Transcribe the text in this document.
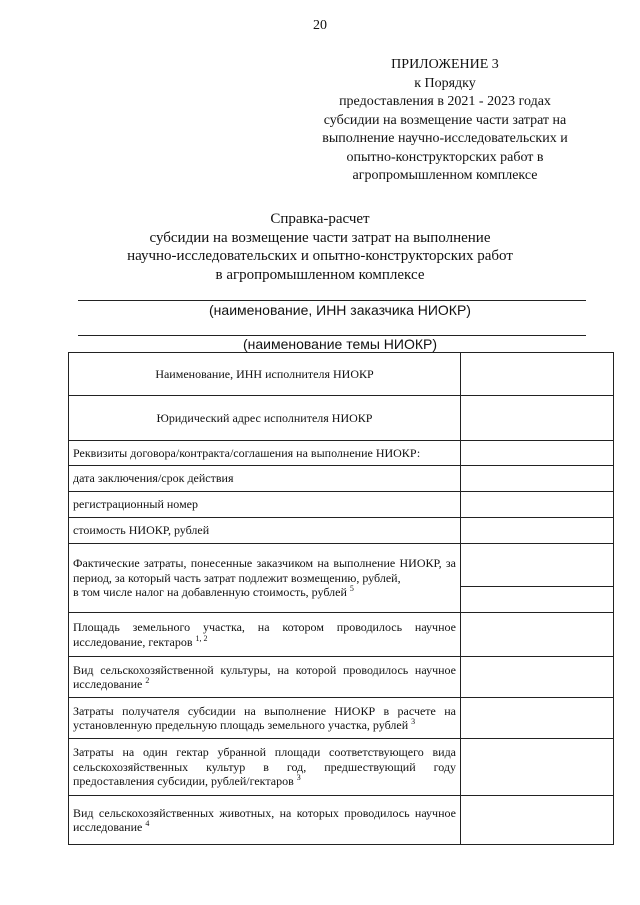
20
ПРИЛОЖЕНИЕ 3
к Порядку
предоставления в 2021 - 2023 годах
субсидии на возмещение части затрат на
выполнение научно-исследовательских и
опытно-конструкторских работ в
агропромышленном комплексе
Справка-расчет
субсидии на возмещение части затрат на выполнение
научно-исследовательских и опытно-конструкторских работ
в агропромышленном комплексе
(наименование, ИНН заказчика НИОКР)
(наименование темы НИОКР)
Наименование, ИНН исполнителя НИОКР	
Юридический адрес исполнителя НИОКР	
Реквизиты договора/контракта/соглашения на выполнение НИОКР:	
дата заключения/срок действия	
регистрационный номер	
стоимость НИОКР, рублей	
Фактические затраты, понесенные заказчиком на выполнение НИОКР, за период, за который часть затрат подлежит возмещению, рублей,
в том числе налог на добавленную стоимость, рублей $^5$	

Площадь земельного участка, на котором проводилось научное исследование, гектаров $^{1, 2}$	
Вид сельскохозяйственной культуры, на которой проводилось научное исследование $^2$	
Затраты получателя субсидии на выполнение НИОКР в расчете на установленную предельную площадь земельного участка, рублей $^3$	
Затраты на один гектар убранной площади соответствующего вида сельскохозяйственных культур в год, предшествующий году предоставления субсидии, рублей/гектаров $^3$	
Вид сельскохозяйственных животных, на которых проводилось научное исследование $^4$	
